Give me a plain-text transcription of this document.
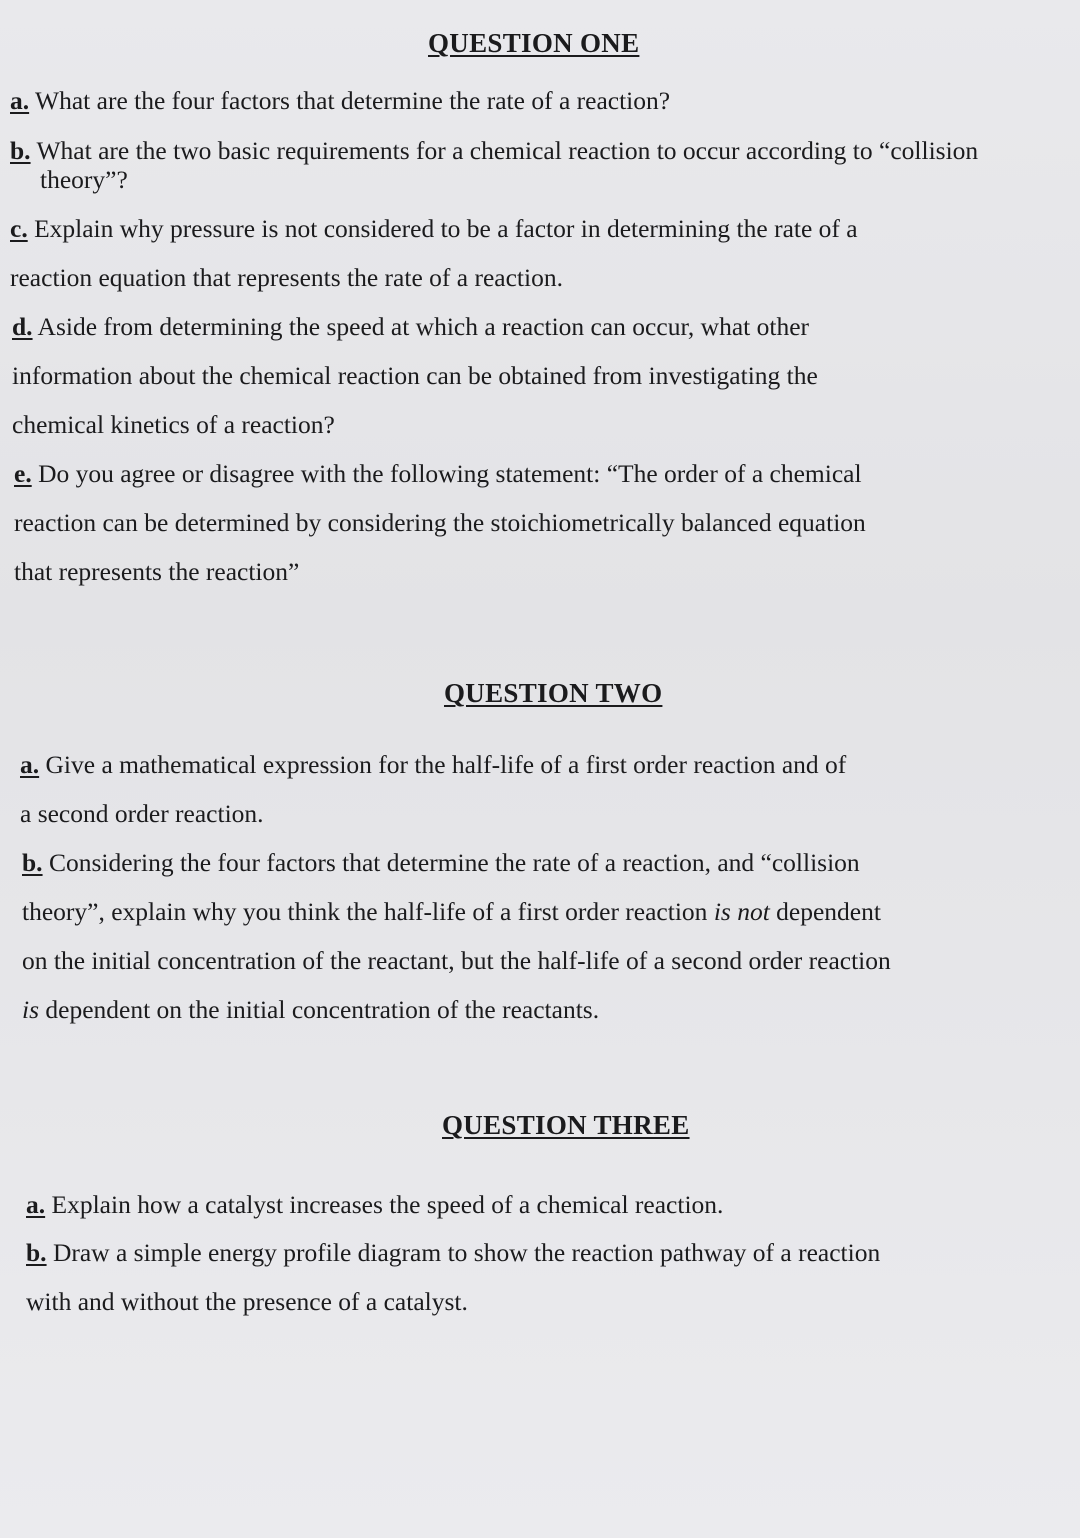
QUESTION ONE
a. What are the four factors that determine the rate of a reaction?
b. What are the two basic requirements for a chemical reaction to occur according to “collision
theory”?
c. Explain why pressure is not considered to be a factor in determining the rate of a
reaction equation that represents the rate of a reaction.
d. Aside from determining the speed at which a reaction can occur, what other
information about the chemical reaction can be obtained from investigating the
chemical kinetics of a reaction?
e. Do you agree or disagree with the following statement: “The order of a chemical
reaction can be determined by considering the stoichiometrically balanced equation
that represents the reaction”
QUESTION TWO
a. Give a mathematical expression for the half-life of a first order reaction and of
a second order reaction.
b. Considering the four factors that determine the rate of a reaction, and “collision
theory”, explain why you think the half-life of a first order reaction is not dependent
on the initial concentration of the reactant, but the half-life of a second order reaction
is dependent on the initial concentration of the reactants.
QUESTION THREE
a. Explain how a catalyst increases the speed of a chemical reaction.
b. Draw a simple energy profile diagram to show the reaction pathway of a reaction
with and without the presence of a catalyst.
